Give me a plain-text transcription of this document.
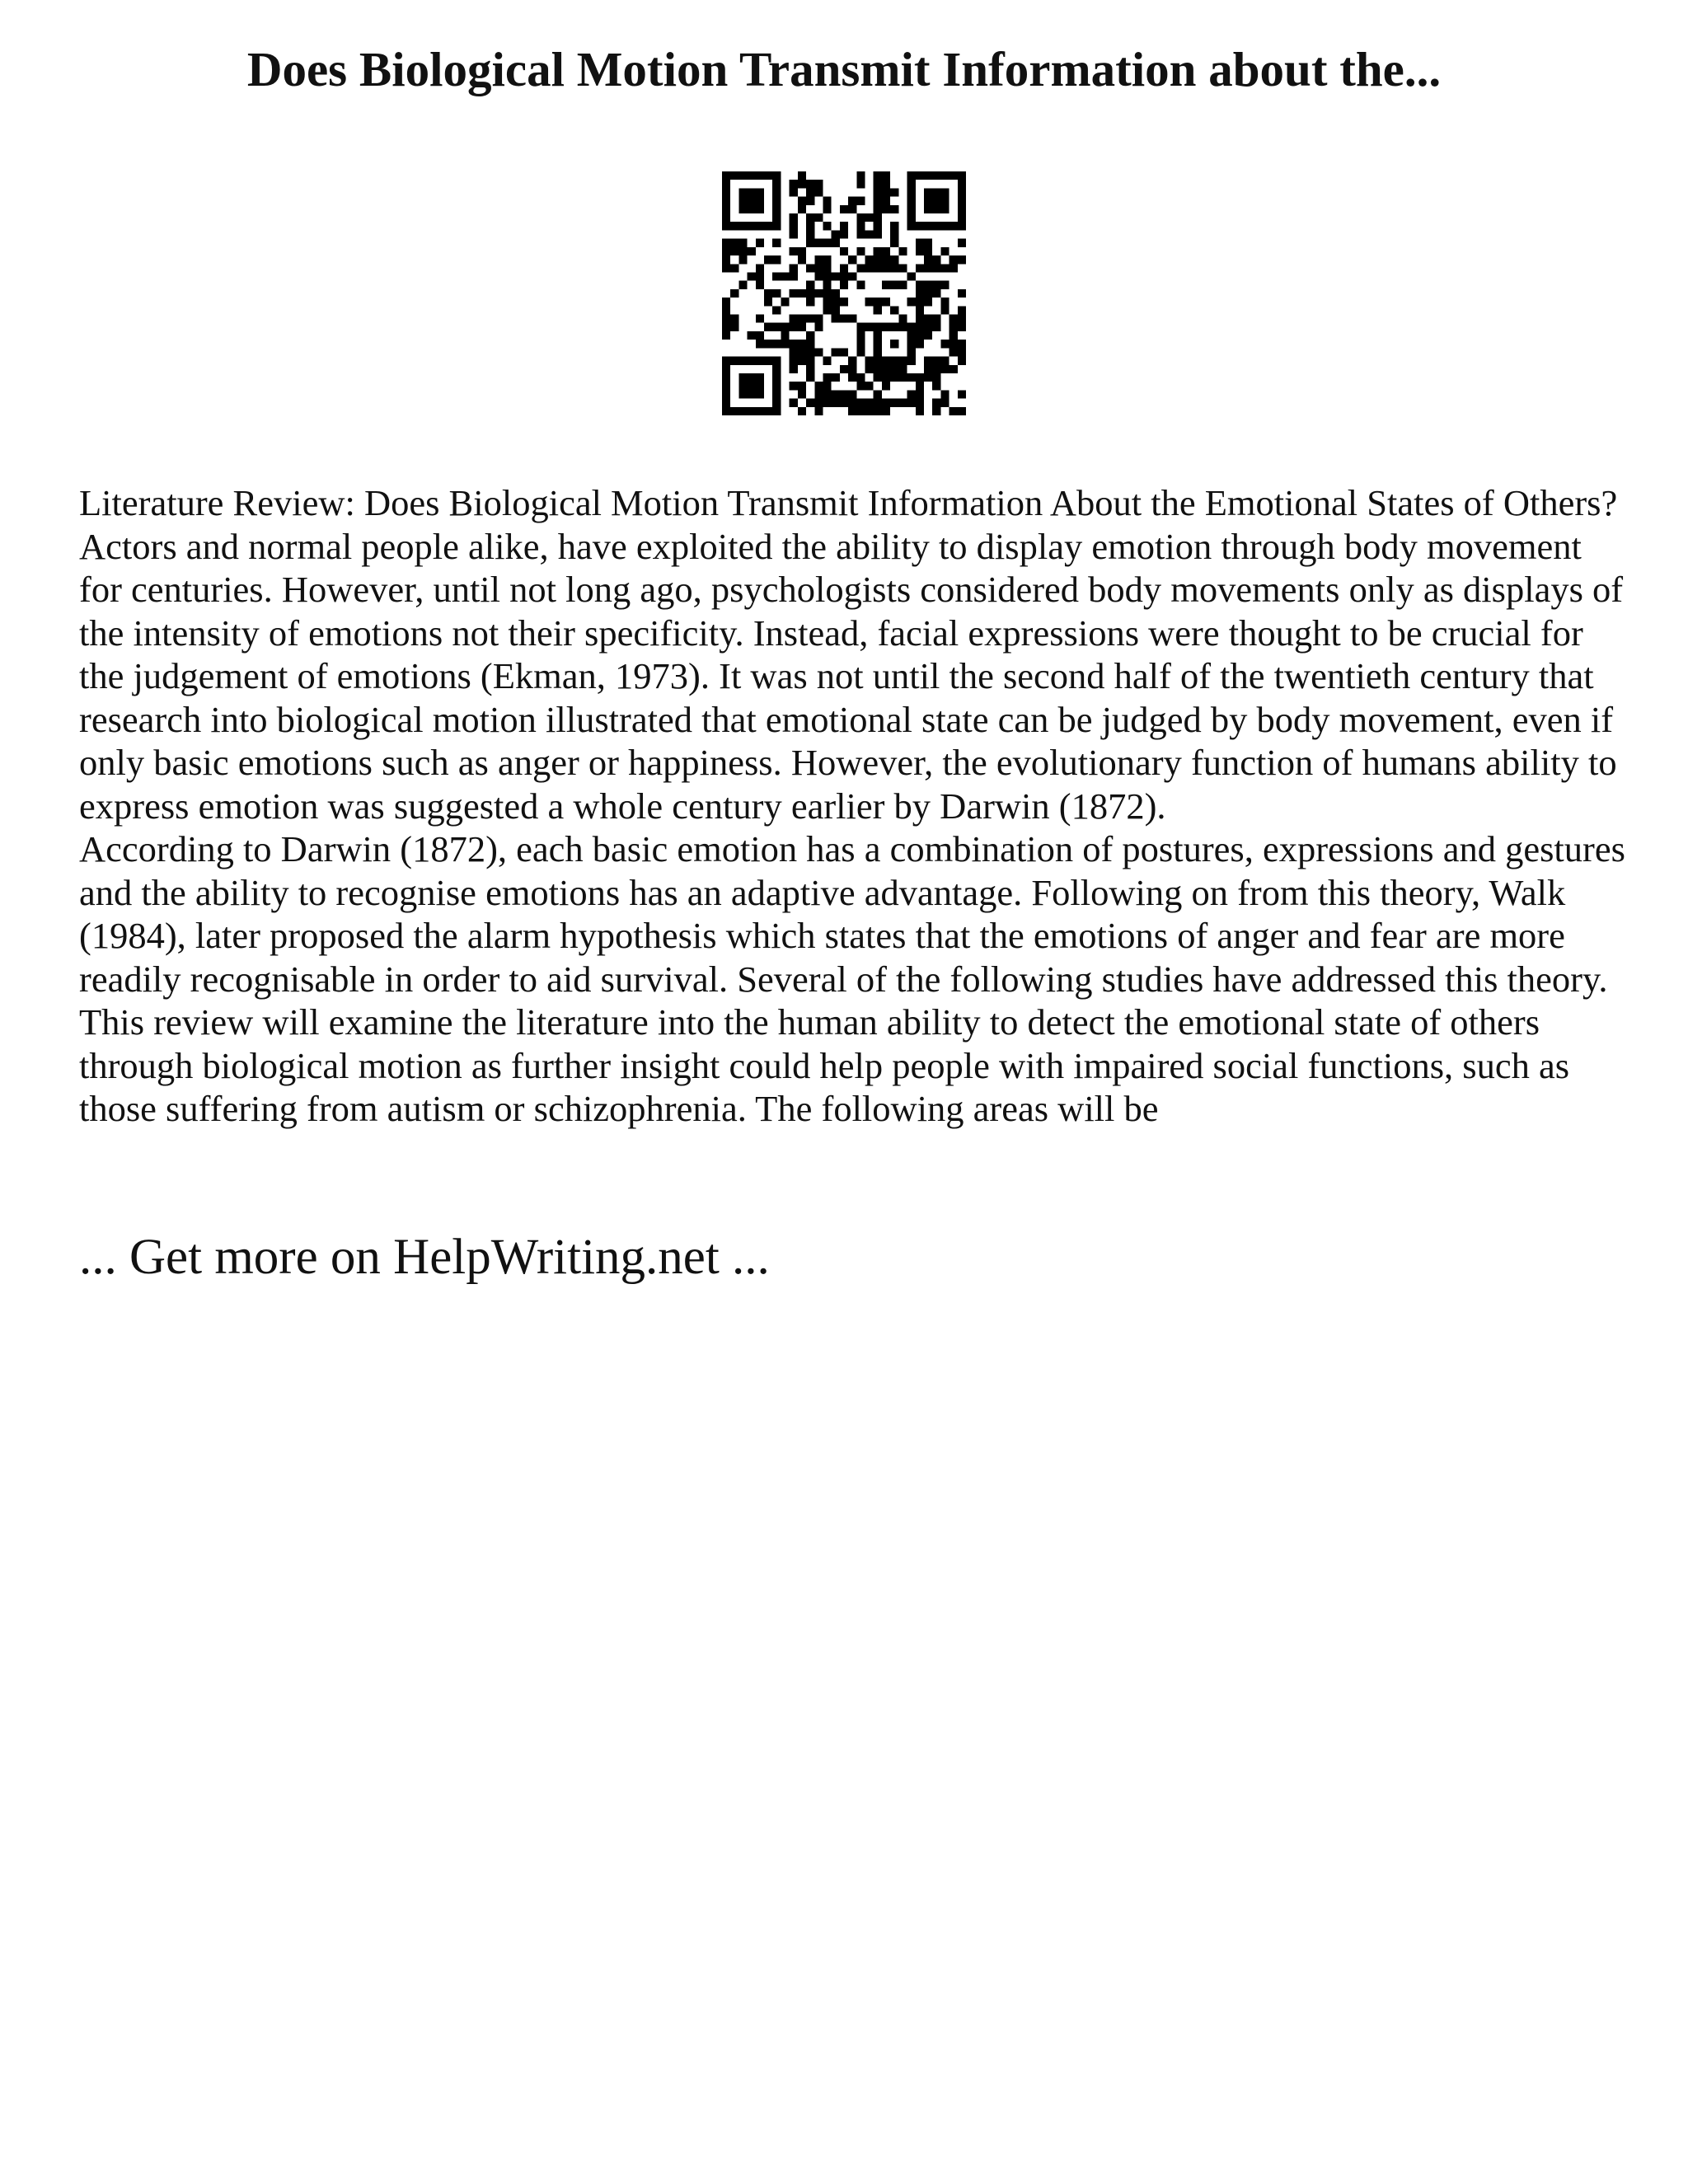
Does Biological Motion Transmit Information about the...

Literature Review: Does Biological Motion Transmit Information About the Emotional States of Others?

Actors and normal people alike, have exploited the ability to display emotion through body movement for centuries. However, until not long ago, psychologists considered body movements only as displays of the intensity of emotions not their specificity. Instead, facial expressions were thought to be crucial for the judgement of emotions (Ekman, 1973). It was not until the second half of the twentieth century that research into biological motion illustrated that emotional state can be judged by body movement, even if only basic emotions such as anger or happiness. However, the evolutionary function of humans ability to express emotion was suggested a whole century earlier by Darwin (1872).

According to Darwin (1872), each basic emotion has a combination of postures, expressions and gestures and the ability to recognise emotions has an adaptive advantage. Following on from this theory, Walk (1984), later proposed the alarm hypothesis which states that the emotions of anger and fear are more readily recognisable in order to aid survival. Several of the following studies have addressed this theory. This review will examine the literature into the human ability to detect the emotional state of others through biological motion as further insight could help people with impaired social functions, such as those suffering from autism or schizophrenia. The following areas will be

... Get more on HelpWriting.net ...
